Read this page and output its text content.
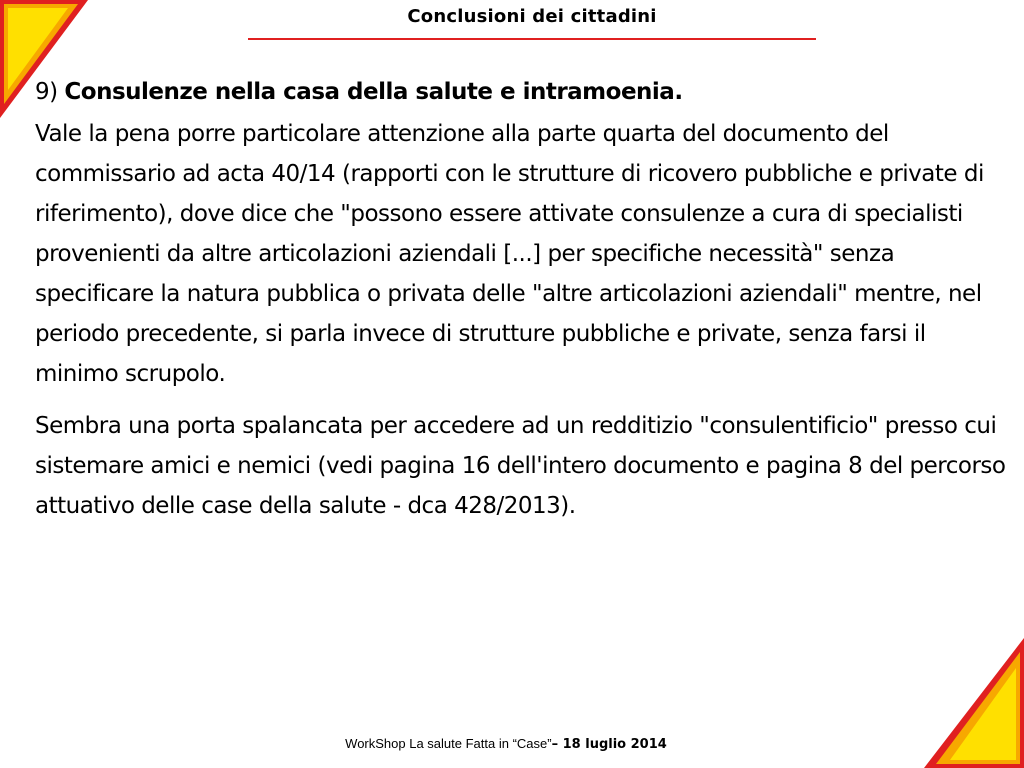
Conclusioni dei cittadini
9) Consulenze nella casa della salute e intramoenia.

Vale la pena porre particolare attenzione alla parte quarta del documento del commissario ad acta 40/14 (rapporti con le strutture di ricovero pubbliche e private di riferimento), dove dice che "possono essere attivate consulenze a cura di specialisti provenienti da altre articolazioni aziendali [...] per specifiche necessità" senza specificare la natura pubblica o privata delle "altre articolazioni aziendali" mentre, nel periodo precedente, si parla invece di strutture pubbliche e private, senza farsi il minimo scrupolo.

Sembra una porta spalancata per accedere ad un redditizio "consulentificio" presso cui sistemare amici e nemici (vedi pagina 16 dell'intero documento e pagina 8 del percorso attuativo delle case della salute - dca 428/2013).

WorkShop La salute Fatta in “Case”– 18 luglio 2014
